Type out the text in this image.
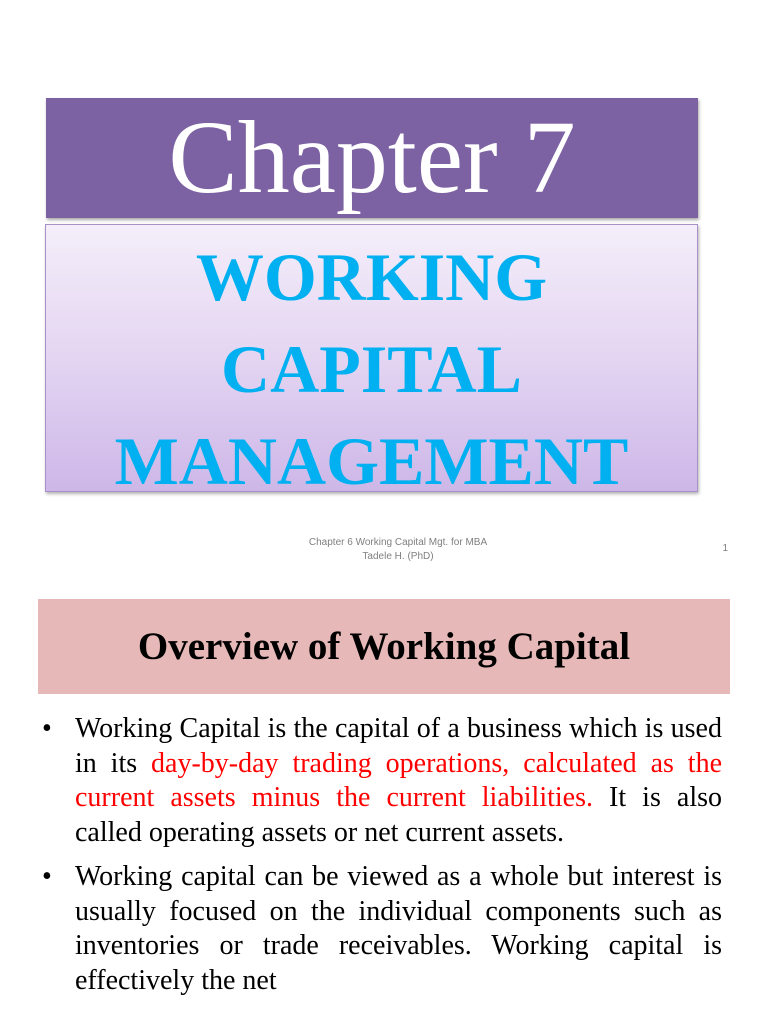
Chapter 7
WORKING
CAPITAL
MANAGEMENT
Chapter 6 Working Capital Mgt. for MBA
Tadele H. (PhD)
1
Overview of Working Capital
• Working Capital is the capital of a business which is used in its day-by-day trading operations, calculated as the current assets minus the current liabilities. It is also called operating assets or net current assets.
• Working capital can be viewed as a whole but interest is usually focused on the individual components such as inventories or trade receivables. Working capital is effectively the net
